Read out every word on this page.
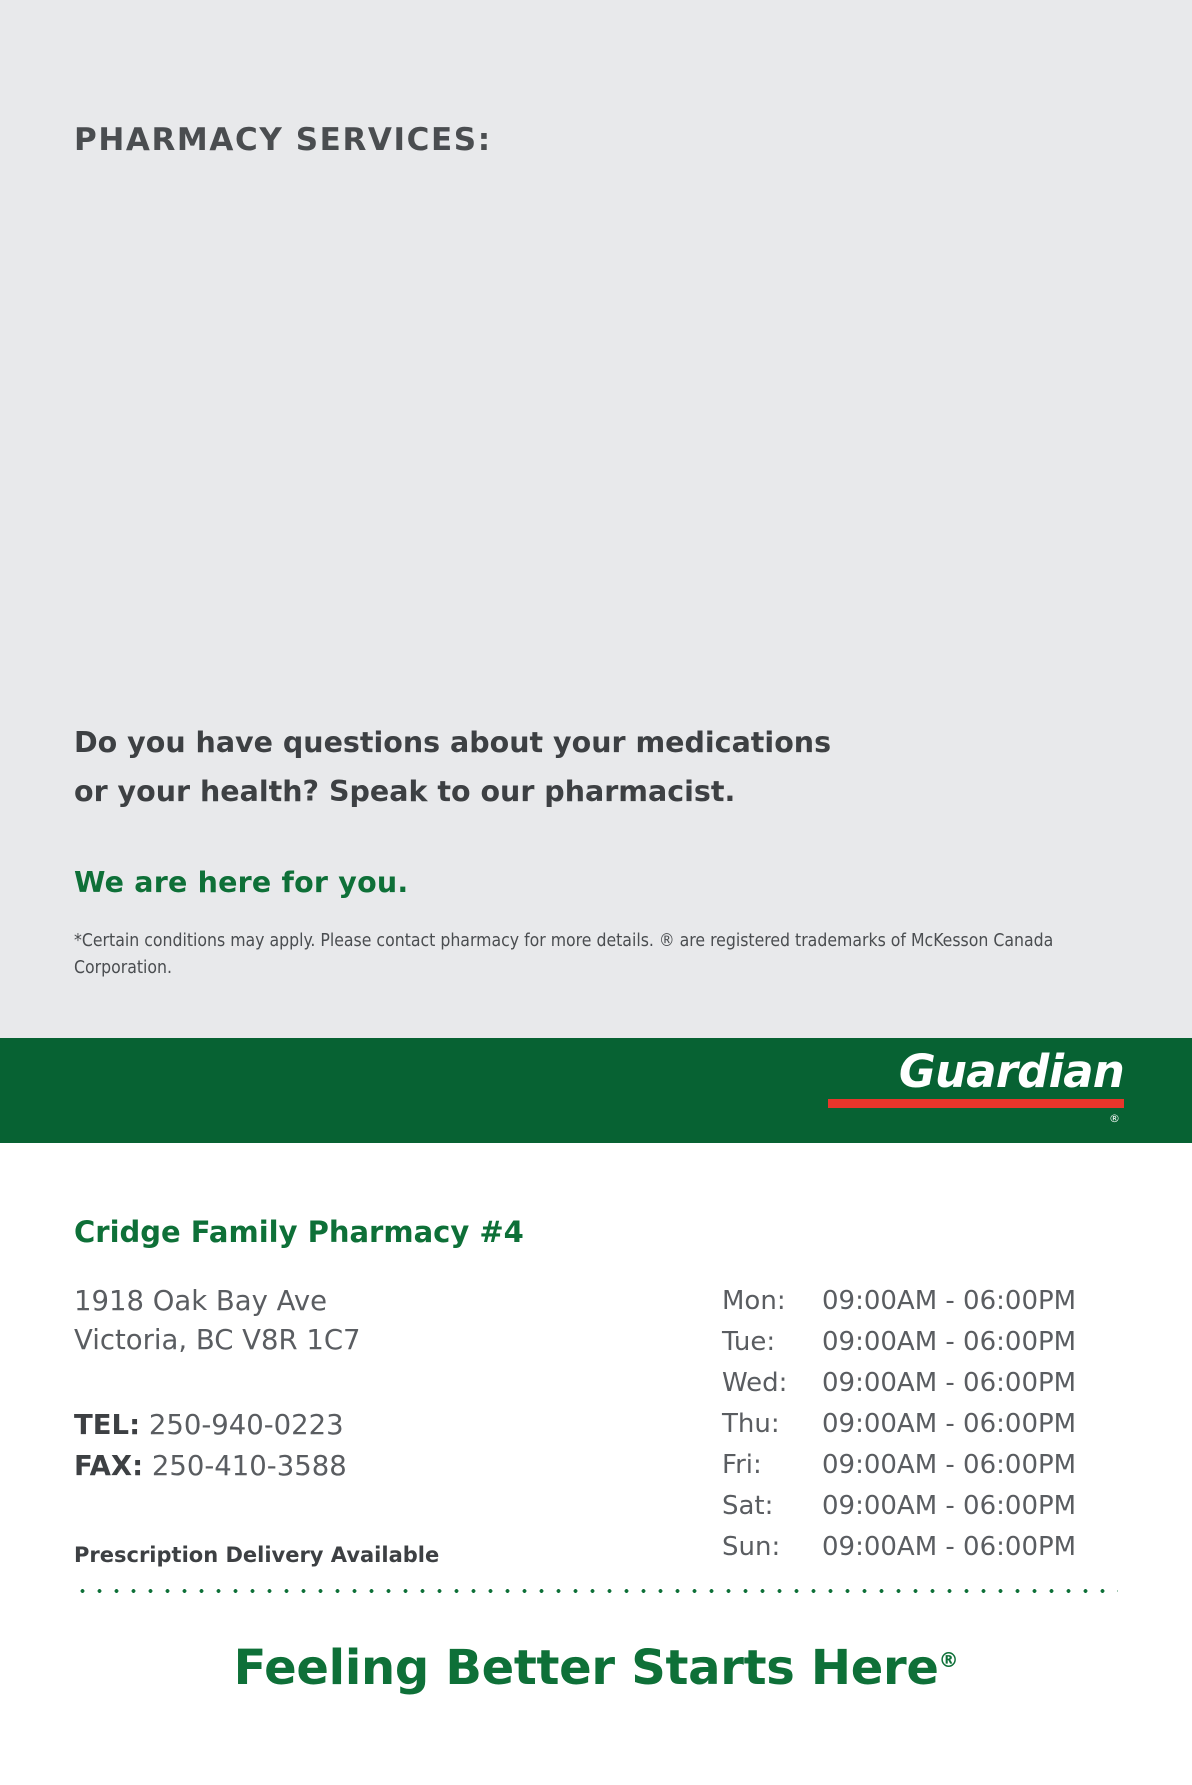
PHARMACY SERVICES:
Do you have questions about your medications
or your health? Speak to our pharmacist.
We are here for you.
*Certain conditions may apply. Please contact pharmacy for more details. ® are registered trademarks of McKesson Canada Corporation.
Guardian
®
Cridge Family Pharmacy #4
1918 Oak Bay Ave
Victoria, BC V8R 1C7
TEL: 250-940-0223
FAX: 250-410-3588
Prescription Delivery Available
Mon:	09:00AM - 06:00PM
Tue:	09:00AM - 06:00PM
Wed:	09:00AM - 06:00PM
Thu:	09:00AM - 06:00PM
Fri:	09:00AM - 06:00PM
Sat:	09:00AM - 06:00PM
Sun:	09:00AM - 06:00PM
Feeling Better Starts Here®
